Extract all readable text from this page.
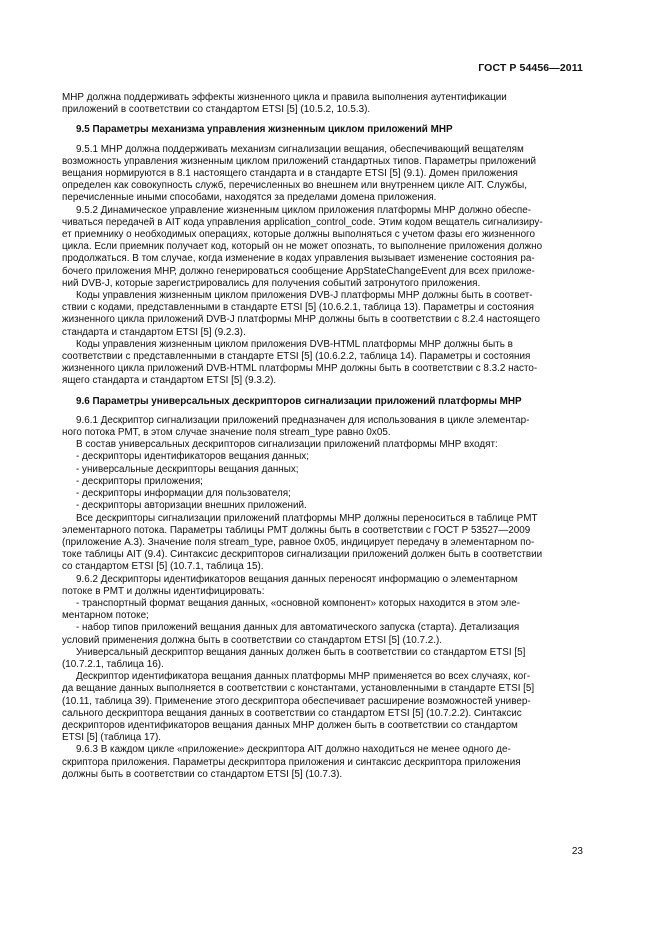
ГОСТ Р 54456—2011
МНР должна поддерживать эффекты жизненного цикла и правила выполнения аутентификации
приложений в соответствии со стандартом ETSI [5] (10.5.2, 10.5.3).
9.5 Параметры механизма управления жизненным циклом приложений МНР
9.5.1 МНР должна поддерживать механизм сигнализации вещания, обеспечивающий вещателям
возможность управления жизненным циклом приложений стандартных типов. Параметры приложений
вещания нормируются в 8.1 настоящего стандарта и в стандарте ETSI [5] (9.1). Домен приложения
определен как совокупность служб, перечисленных во внешнем или внутреннем цикле AIT. Службы,
перечисленные иными способами, находятся за пределами домена приложения.
9.5.2 Динамическое управление жизненным циклом приложения платформы МНР должно обеспе-
чиваться передачей в AIT кода управления application_control_code. Этим кодом вещатель сигнализиру-
ет приемнику о необходимых операциях, которые должны выполняться с учетом фазы его жизненного
цикла. Если приемник получает код, который он не может опознать, то выполнение приложения должно
продолжаться. В том случае, когда изменение в кодах управления вызывает изменение состояния ра-
бочего приложения МНР, должно генерироваться сообщение AppStateChangeEvent для всех приложе-
ний DVB-J, которые зарегистрировались для получения событий затронутого приложения.
Коды управления жизненным циклом приложения DVB-J платформы МНР должны быть в соответ-
ствии с кодами, представленными в стандарте ETSI [5] (10.6.2.1, таблица 13). Параметры и состояния
жизненного цикла приложений DVB-J платформы МНР должны быть в соответствии с 8.2.4 настоящего
стандарта и стандартом ETSI [5] (9.2.3).
Коды управления жизненным циклом приложения DVB-HTML платформы МНР должны быть в
соответствии с представленными в стандарте ETSI [5] (10.6.2.2, таблица 14). Параметры и состояния
жизненного цикла приложений DVB-HTML платформы МНР должны быть в соответствии с 8.3.2 насто-
ящего стандарта и стандартом ETSI [5] (9.3.2).
9.6 Параметры универсальных дескрипторов сигнализации приложений платформы МНР
9.6.1 Дескриптор сигнализации приложений предназначен для использования в цикле элементар-
ного потока PMT, в этом случае значение поля stream_type равно 0x05.
В состав универсальных дескрипторов сигнализации приложений платформы МНР входят:
- дескрипторы идентификаторов вещания данных;
- универсальные дескрипторы вещания данных;
- дескрипторы приложения;
- дескрипторы информации для пользователя;
- дескрипторы авторизации внешних приложений.
Все дескрипторы сигнализации приложений платформы МНР должны переноситься в таблице PMT
элементарного потока. Параметры таблицы PMT должны быть в соответствии с ГОСТ Р 53527—2009
(приложение А.3). Значение поля stream_type, равное 0x05, индицирует передачу в элементарном по-
токе таблицы AIT (9.4). Синтаксис дескрипторов сигнализации приложений должен быть в соответствии
со стандартом ETSI [5] (10.7.1, таблица 15).
9.6.2 Дескрипторы идентификаторов вещания данных переносят информацию о элементарном
потоке в PMT и должны идентифицировать:
- транспортный формат вещания данных, «основной компонент» которых находится в этом эле-
ментарном потоке;
- набор типов приложений вещания данных для автоматического запуска (старта). Детализация
условий применения должна быть в соответствии со стандартом ETSI [5] (10.7.2.).
Универсальный дескриптор вещания данных должен быть в соответствии со стандартом ETSI [5]
(10.7.2.1, таблица 16).
Дескриптор идентификатора вещания данных платформы МНР применяется во всех случаях, ког-
да вещание данных выполняется в соответствии с константами, установленными в стандарте ETSI [5]
(10.11, таблица 39). Применение этого дескриптора обеспечивает расширение возможностей универ-
сального дескриптора вещания данных в соответствии со стандартом ETSI [5] (10.7.2.2). Синтаксис
дескрипторов идентификаторов вещания данных МНР должен быть в соответствии со стандартом
ETSI [5] (таблица 17).
9.6.3 В каждом цикле «приложение» дескриптора AIT должно находиться не менее одного де-
скриптора приложения. Параметры дескриптора приложения и синтаксис дескриптора приложения
должны быть в соответствии со стандартом ETSI [5] (10.7.3).
23
